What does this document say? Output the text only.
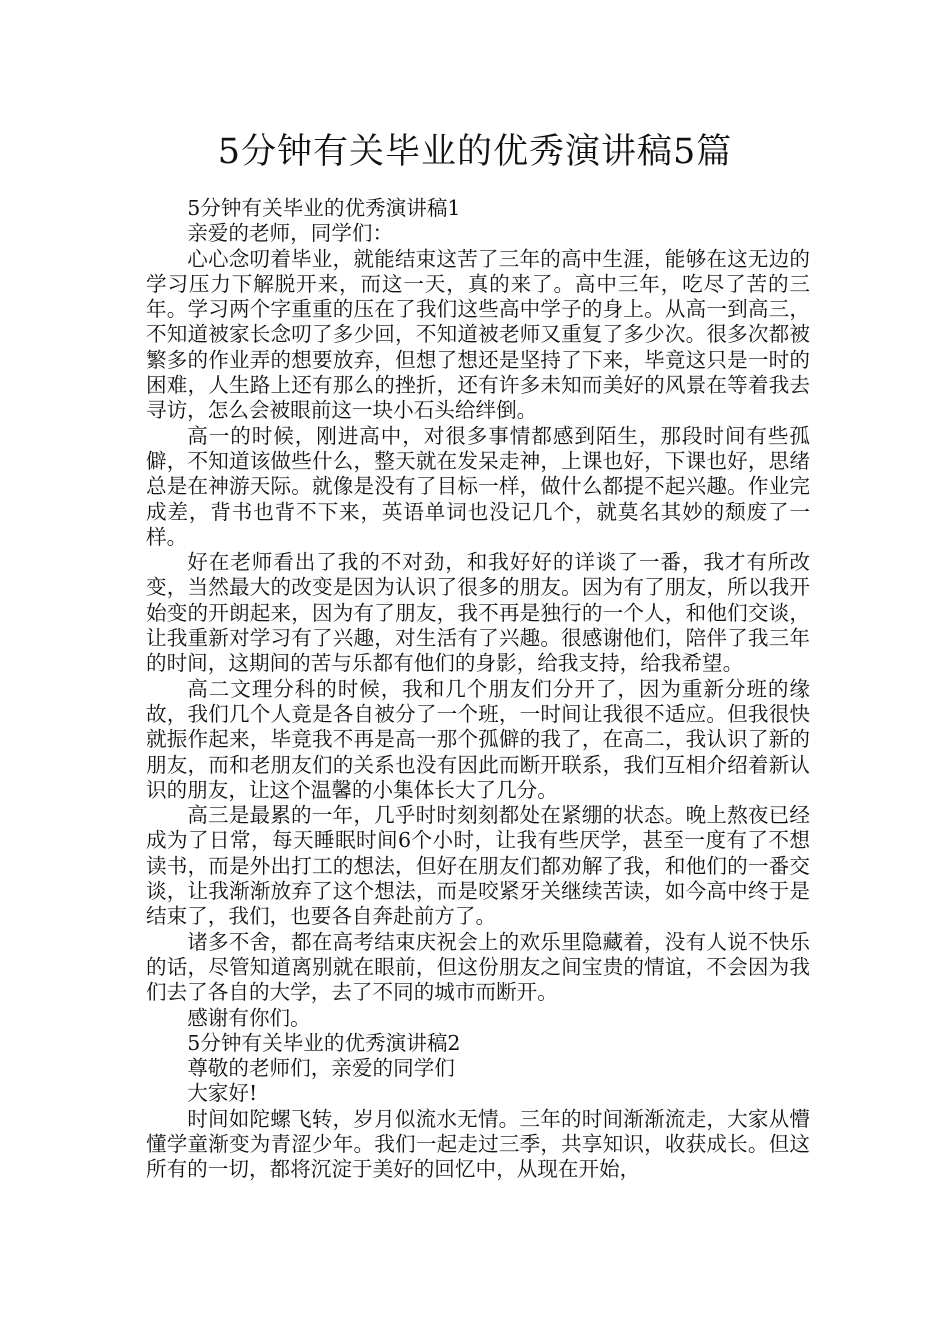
5分钟有关毕业的优秀演讲稿5篇

5分钟有关毕业的优秀演讲稿1

亲爱的老师，同学们：

心心念叨着毕业，就能结束这苦了三年的高中生涯，能够在这无边的学习压力下解脱开来，而这一天，真的来了。高中三年，吃尽了苦的三年。学习两个字重重的压在了我们这些高中学子的身上。从高一到高三，不知道被家长念叨了多少回，不知道被老师又重复了多少次。很多次都被繁多的作业弄的想要放弃，但想了想还是坚持了下来，毕竟这只是一时的困难，人生路上还有那么的挫折，还有许多未知而美好的风景在等着我去寻访，怎么会被眼前这一块小石头给绊倒。

高一的时候，刚进高中，对很多事情都感到陌生，那段时间有些孤僻，不知道该做些什么，整天就在发呆走神，上课也好，下课也好，思绪总是在神游天际。就像是没有了目标一样，做什么都提不起兴趣。作业完成差，背书也背不下来，英语单词也没记几个，就莫名其妙的颓废了一样。

好在老师看出了我的不对劲，和我好好的详谈了一番，我才有所改变，当然最大的改变是因为认识了很多的朋友。因为有了朋友，所以我开始变的开朗起来，因为有了朋友，我不再是独行的一个人，和他们交谈，让我重新对学习有了兴趣，对生活有了兴趣。很感谢他们，陪伴了我三年的时间，这期间的苦与乐都有他们的身影，给我支持，给我希望。

高二文理分科的时候，我和几个朋友们分开了，因为重新分班的缘故，我们几个人竟是各自被分了一个班，一时间让我很不适应。但我很快就振作起来，毕竟我不再是高一那个孤僻的我了，在高二，我认识了新的朋友，而和老朋友们的关系也没有因此而断开联系，我们互相介绍着新认识的朋友，让这个温馨的小集体长大了几分。

高三是最累的一年，几乎时时刻刻都处在紧绷的状态。晚上熬夜已经成为了日常，每天睡眠时间6个小时，让我有些厌学，甚至一度有了不想读书，而是外出打工的想法，但好在朋友们都劝解了我，和他们的一番交谈，让我渐渐放弃了这个想法，而是咬紧牙关继续苦读，如今高中终于是结束了，我们，也要各自奔赴前方了。

诸多不舍，都在高考结束庆祝会上的欢乐里隐藏着，没有人说不快乐的话，尽管知道离别就在眼前，但这份朋友之间宝贵的情谊，不会因为我们去了各自的大学，去了不同的城市而断开。

感谢有你们。

5分钟有关毕业的优秀演讲稿2

尊敬的老师们，亲爱的同学们

大家好!

时间如陀螺飞转，岁月似流水无情。三年的时间渐渐流走，大家从懵懂学童渐变为青涩少年。我们一起走过三季，共享知识，收获成长。但这所有的一切，都将沉淀于美好的回忆中，从现在开始，
